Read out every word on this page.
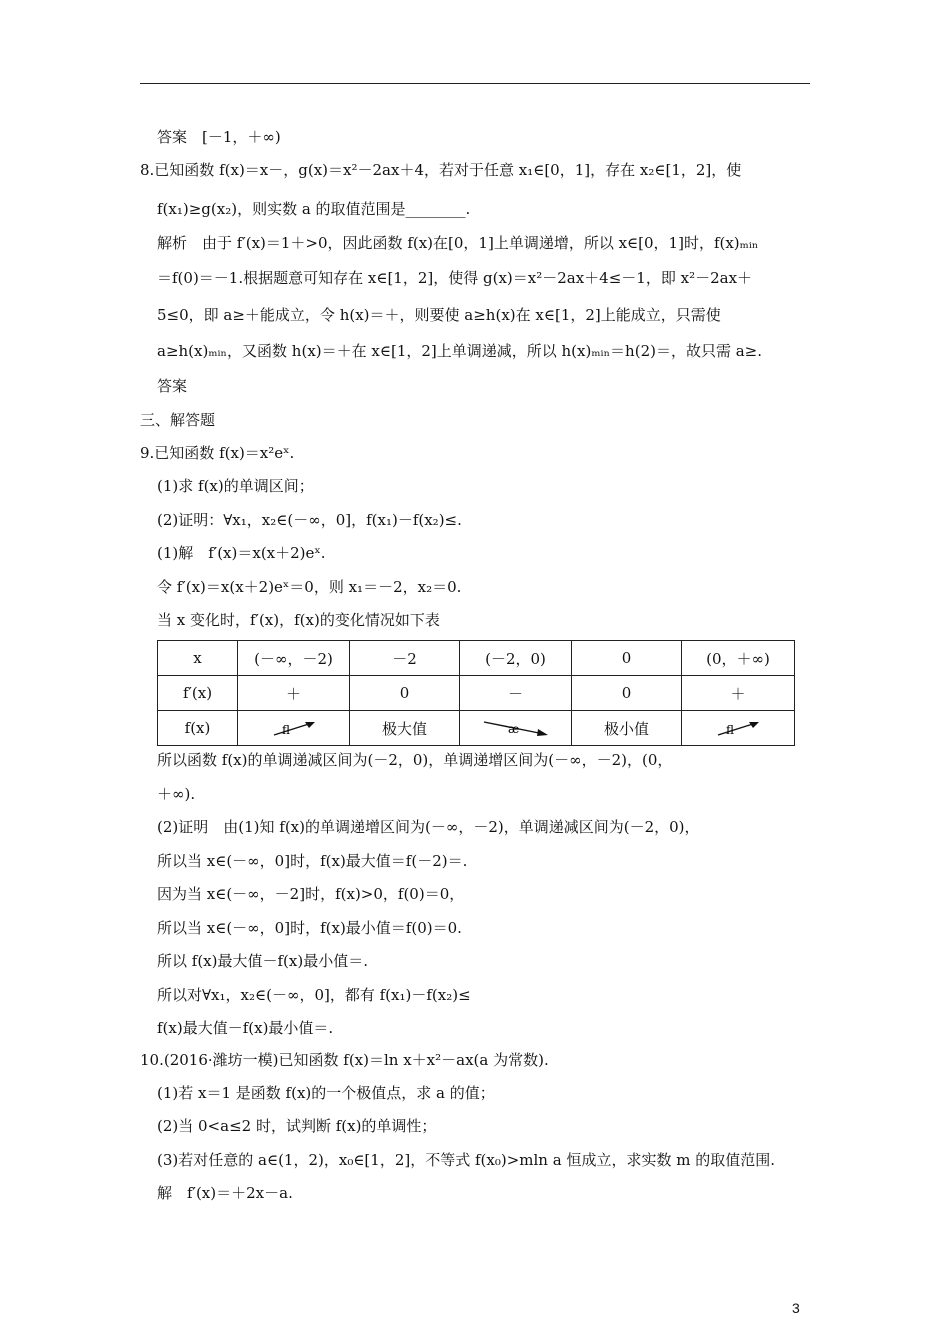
答案　[－1，＋∞)
8.已知函数 f(x)＝x－，g(x)＝x²－2ax＋4，若对于任意 x₁∈[0，1]，存在 x₂∈[1，2]，使
f(x₁)≥g(x₂)，则实数 a 的取值范围是________.
解析　由于 f′(x)＝1＋>0，因此函数 f(x)在[0，1]上单调递增，所以 x∈[0，1]时，f(x)ₘᵢₙ
＝f(0)＝－1.根据题意可知存在 x∈[1，2]，使得 g(x)＝x²－2ax＋4≤－1，即 x²－2ax＋
5≤0，即 a≥＋能成立，令 h(x)＝＋，则要使 a≥h(x)在 x∈[1，2]上能成立，只需使
a≥h(x)ₘᵢₙ，又函数 h(x)＝＋在 x∈[1，2]上单调递减，所以 h(x)ₘᵢₙ＝h(2)＝，故只需 a≥.
答案
三、解答题
9.已知函数 f(x)＝x²eˣ.
(1)求 f(x)的单调区间；
(2)证明：∀x₁，x₂∈(－∞，0]，f(x₁)－f(x₂)≤.
(1)解　f′(x)＝x(x＋2)eˣ.
令 f′(x)＝x(x＋2)eˣ＝0，则 x₁＝－2，x₂＝0.
当 x 变化时，f′(x)，f(x)的变化情况如下表
x	(－∞，－2)	－2	(－2，0)	0	(0，＋∞)
f′(x)	＋	0	－	0	＋
f(x)	fl	极大值	æ	极小值	fl
所以函数 f(x)的单调递减区间为(－2，0)，单调递增区间为(－∞，－2)，(0，
＋∞).
(2)证明　由(1)知 f(x)的单调递增区间为(－∞，－2)，单调递减区间为(－2，0)，
所以当 x∈(－∞，0]时，f(x)最大值＝f(－2)＝.
因为当 x∈(－∞，－2]时，f(x)>0，f(0)＝0，
所以当 x∈(－∞，0]时，f(x)最小值＝f(0)＝0.
所以 f(x)最大值－f(x)最小值＝.
所以对∀x₁，x₂∈(－∞，0]，都有 f(x₁)－f(x₂)≤
f(x)最大值－f(x)最小值＝.
10.(2016·潍坊一模)已知函数 f(x)＝ln x＋x²－ax(a 为常数).
(1)若 x＝1 是函数 f(x)的一个极值点，求 a 的值；
(2)当 0<a≤2 时，试判断 f(x)的单调性；
(3)若对任意的 a∈(1，2)，x₀∈[1，2]，不等式 f(x₀)>mln a 恒成立，求实数 m 的取值范围.
解　f′(x)＝＋2x－a.
3
